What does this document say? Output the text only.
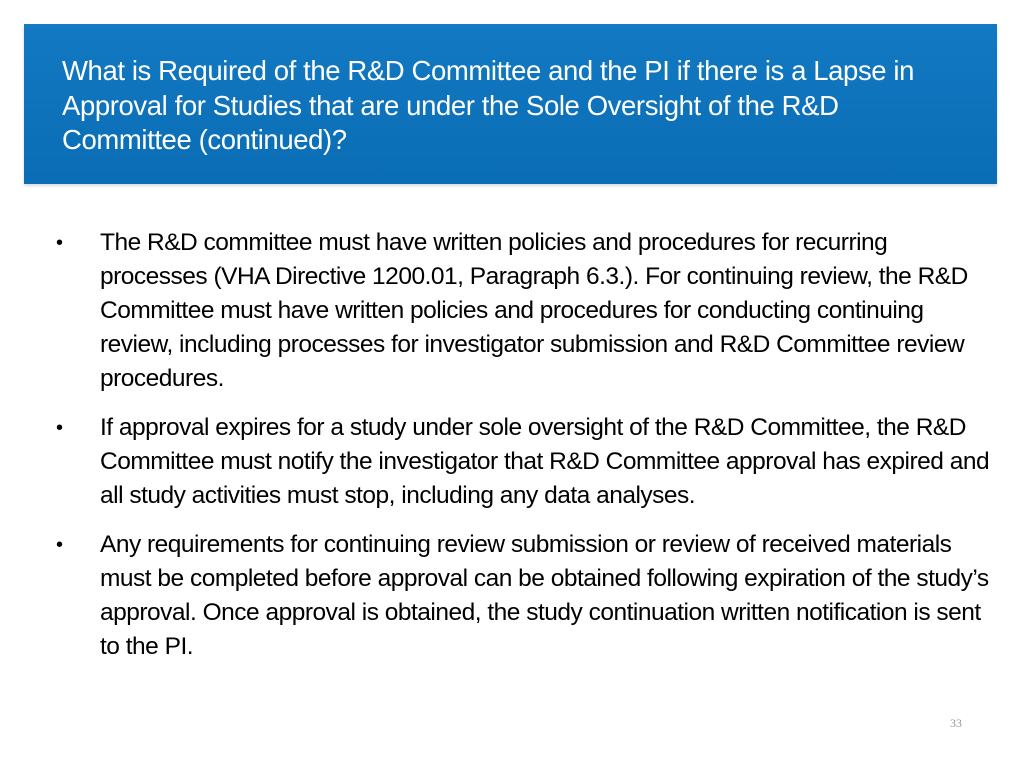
What is Required of the R&D Committee and the PI if there is a Lapse in Approval for Studies that are under the Sole Oversight of the R&D Committee (continued)?
• The R&D committee must have written policies and procedures for recurring processes (VHA Directive 1200.01, Paragraph 6.3.). For continuing review, the R&D Committee must have written policies and procedures for conducting continuing review, including processes for investigator submission and R&D Committee review procedures.
• If approval expires for a study under sole oversight of the R&D Committee, the R&D Committee must notify the investigator that R&D Committee approval has expired and all study activities must stop, including any data analyses.
• Any requirements for continuing review submission or review of received materials must be completed before approval can be obtained following expiration of the study’s approval. Once approval is obtained, the study continuation written notification is sent to the PI.
33
